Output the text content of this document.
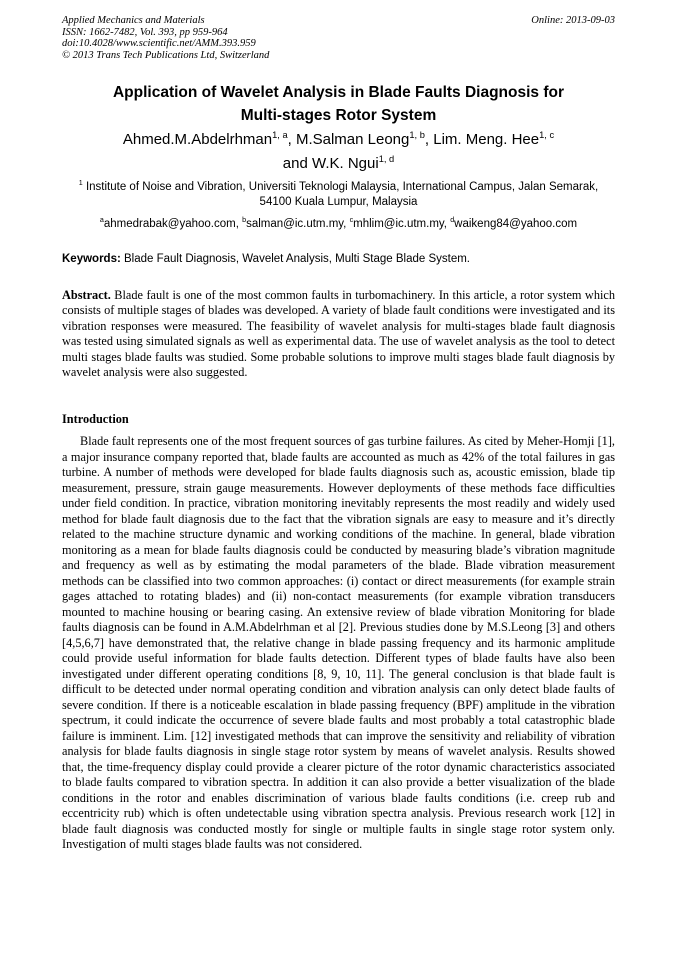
Applied Mechanics and Materials
ISSN: 1662-7482, Vol. 393, pp 959-964
doi:10.4028/www.scientific.net/AMM.393.959
© 2013 Trans Tech Publications Ltd, Switzerland
Online: 2013-09-03
Application of Wavelet Analysis in Blade Faults Diagnosis for
Multi-stages Rotor System
Ahmed.M.Abdelrhman$^{1, a}$, M.Salman Leong$^{1, b}$, Lim. Meng. Hee$^{1, c}$
and W.K. Ngui$^{1, d}$
$^1$ Institute of Noise and Vibration, Universiti Teknologi Malaysia, International Campus, Jalan Semarak, 54100 Kuala Lumpur, Malaysia
$^a$ahmedrabak@yahoo.com, $^b$salman@ic.utm.my, $^c$mhlim@ic.utm.my, $^d$waikeng84@yahoo.com
Keywords: Blade Fault Diagnosis, Wavelet Analysis, Multi Stage Blade System.
Abstract. Blade fault is one of the most common faults in turbomachinery. In this article, a rotor system which consists of multiple stages of blades was developed. A variety of blade fault conditions were investigated and its vibration responses were measured. The feasibility of wavelet analysis for multi-stages blade fault diagnosis was tested using simulated signals as well as experimental data. The use of wavelet analysis as the tool to detect multi stages blade faults was studied. Some probable solutions to improve multi stages blade fault diagnosis by wavelet analysis were also suggested.
Introduction
Blade fault represents one of the most frequent sources of gas turbine failures. As cited by Meher-Homji [1], a major insurance company reported that, blade faults are accounted as much as 42% of the total failures in gas turbine. A number of methods were developed for blade faults diagnosis such as, acoustic emission, blade tip measurement, pressure, strain gauge measurements. However deployments of these methods face difficulties under field condition. In practice, vibration monitoring inevitably represents the most readily and widely used method for blade fault diagnosis due to the fact that the vibration signals are easy to measure and it’s directly related to the machine structure dynamic and working conditions of the machine. In general, blade vibration monitoring as a mean for blade faults diagnosis could be conducted by measuring blade’s vibration magnitude and frequency as well as by estimating the modal parameters of the blade. Blade vibration measurement methods can be classified into two common approaches: (i) contact or direct measurements (for example strain gages attached to rotating blades) and (ii) non-contact measurements (for example vibration transducers mounted to machine housing or bearing casing. An extensive review of blade vibration Monitoring for blade faults diagnosis can be found in A.M.Abdelrhman et al [2]. Previous studies done by M.S.Leong [3] and others [4,5,6,7] have demonstrated that, the relative change in blade passing frequency and its harmonic amplitude could provide useful information for blade faults detection. Different types of blade faults have also been investigated under different operating conditions [8, 9, 10, 11]. The general conclusion is that blade fault is difficult to be detected under normal operating condition and vibration analysis can only detect blade faults of severe condition. If there is a noticeable escalation in blade passing frequency (BPF) amplitude in the vibration spectrum, it could indicate the occurrence of severe blade faults and most probably a total catastrophic blade failure is imminent. Lim. [12] investigated methods that can improve the sensitivity and reliability of vibration analysis for blade faults diagnosis in single stage rotor system by means of wavelet analysis. Results showed that, the time-frequency display could provide a clearer picture of the rotor dynamic characteristics associated to blade faults compared to vibration spectra. In addition it can also provide a better visualization of the blade conditions in the rotor and enables discrimination of various blade faults conditions (i.e. creep rub and eccentricity rub) which is often undetectable using vibration spectra analysis. Previous research work [12] in blade fault diagnosis was conducted mostly for single or multiple faults in single stage rotor system only. Investigation of multi stages blade faults was not considered.
